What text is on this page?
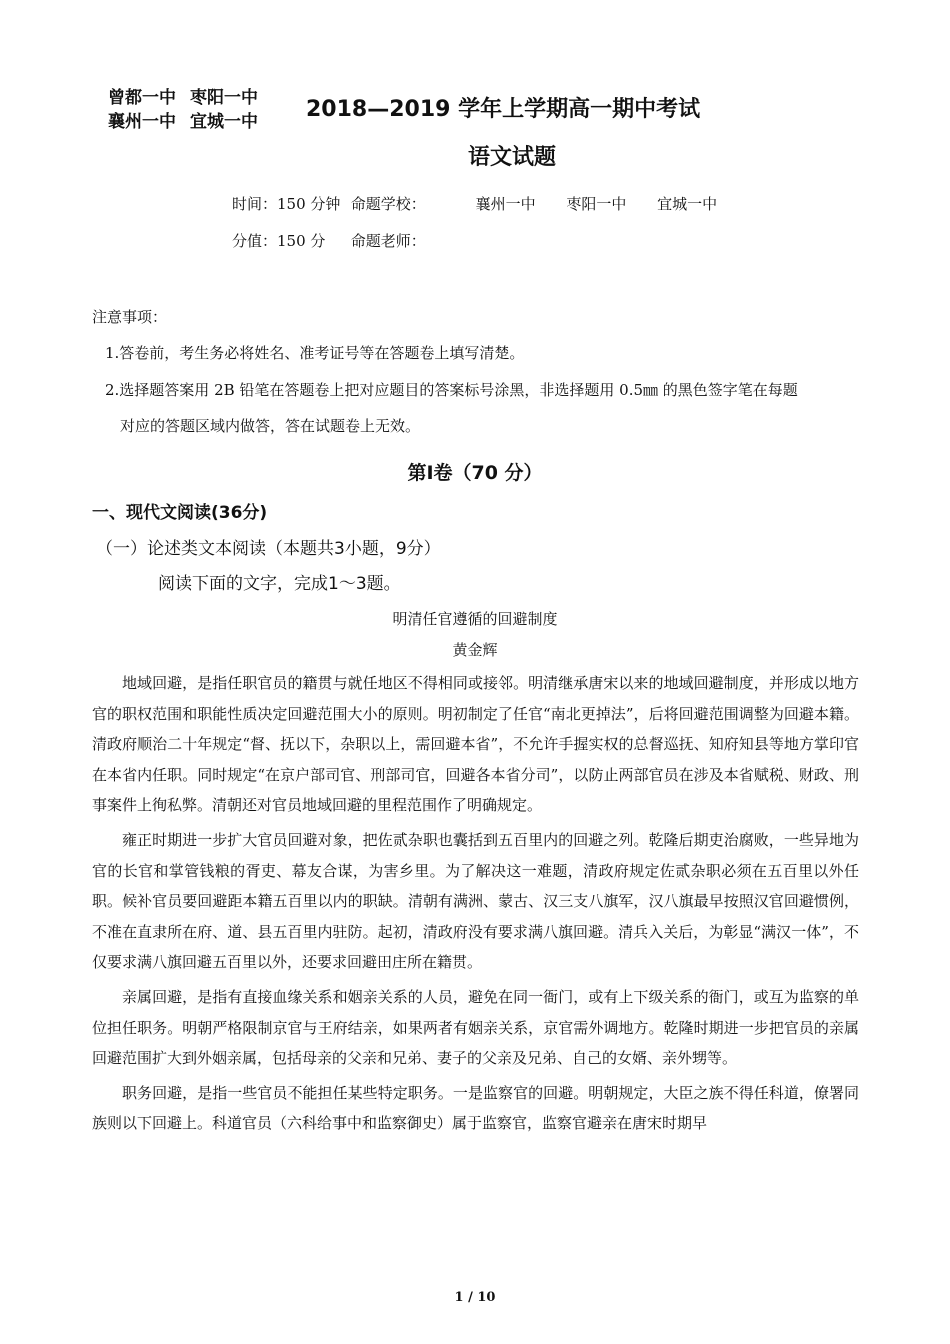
曾都一中 枣阳一中
襄州一中 宜城一中	2018—2019 学年上学期高一期中考试
语文试题
时间：150 分钟 命题学校：	襄州一中 枣阳一中 宜城一中
分值：150 分 命题老师：
注意事项：
1.答卷前，考生务必将姓名、准考证号等在答题卷上填写清楚。
2.选择题答案用 2B 铅笔在答题卷上把对应题目的答案标号涂黑，非选择题用 0.5㎜ 的黑色签字笔在每题
对应的答题区域内做答，答在试题卷上无效。
第Ⅰ卷（70 分）
一、现代文阅读(36分)
（一）论述类文本阅读（本题共3小题，9分）
阅读下面的文字，完成1～3题。
明清任官遵循的回避制度
黄金辉

地域回避，是指任职官员的籍贯与就任地区不得相同或接邻。明清继承唐宋以来的地域回避制度，并形成以地方官的职权范围和职能性质决定回避范围大小的原则。明初制定了任官“南北更掉法”，后将回避范围调整为回避本籍。清政府顺治二十年规定“督、抚以下，杂职以上，需回避本省”，不允许手握实权的总督巡抚、知府知县等地方掌印官在本省内任职。同时规定“在京户部司官、刑部司官，回避各本省分司”，以防止两部官员在涉及本省赋税、财政、刑事案件上徇私弊。清朝还对官员地域回避的里程范围作了明确规定。

雍正时期进一步扩大官员回避对象，把佐贰杂职也囊括到五百里内的回避之列。乾隆后期吏治腐败，一些异地为官的长官和掌管钱粮的胥吏、幕友合谋，为害乡里。为了解决这一难题，清政府规定佐贰杂职必须在五百里以外任职。候补官员要回避距本籍五百里以内的职缺。清朝有满洲、蒙古、汉三支八旗军，汉八旗最早按照汉官回避惯例，不准在直隶所在府、道、县五百里内驻防。起初，清政府没有要求满八旗回避。清兵入关后，为彰显“满汉一体”，不仅要求满八旗回避五百里以外，还要求回避田庄所在籍贯。

亲属回避，是指有直接血缘关系和姻亲关系的人员，避免在同一衙门，或有上下级关系的衙门，或互为监察的单位担任职务。明朝严格限制京官与王府结亲，如果两者有姻亲关系，京官需外调地方。乾隆时期进一步把官员的亲属回避范围扩大到外姻亲属，包括母亲的父亲和兄弟、妻子的父亲及兄弟、自己的女婿、亲外甥等。

职务回避，是指一些官员不能担任某些特定职务。一是监察官的回避。明朝规定，大臣之族不得任科道，僚署同族则以下回避上。科道官员（六科给事中和监察御史）属于监察官，监察官避亲在唐宋时期早

1 / 10
